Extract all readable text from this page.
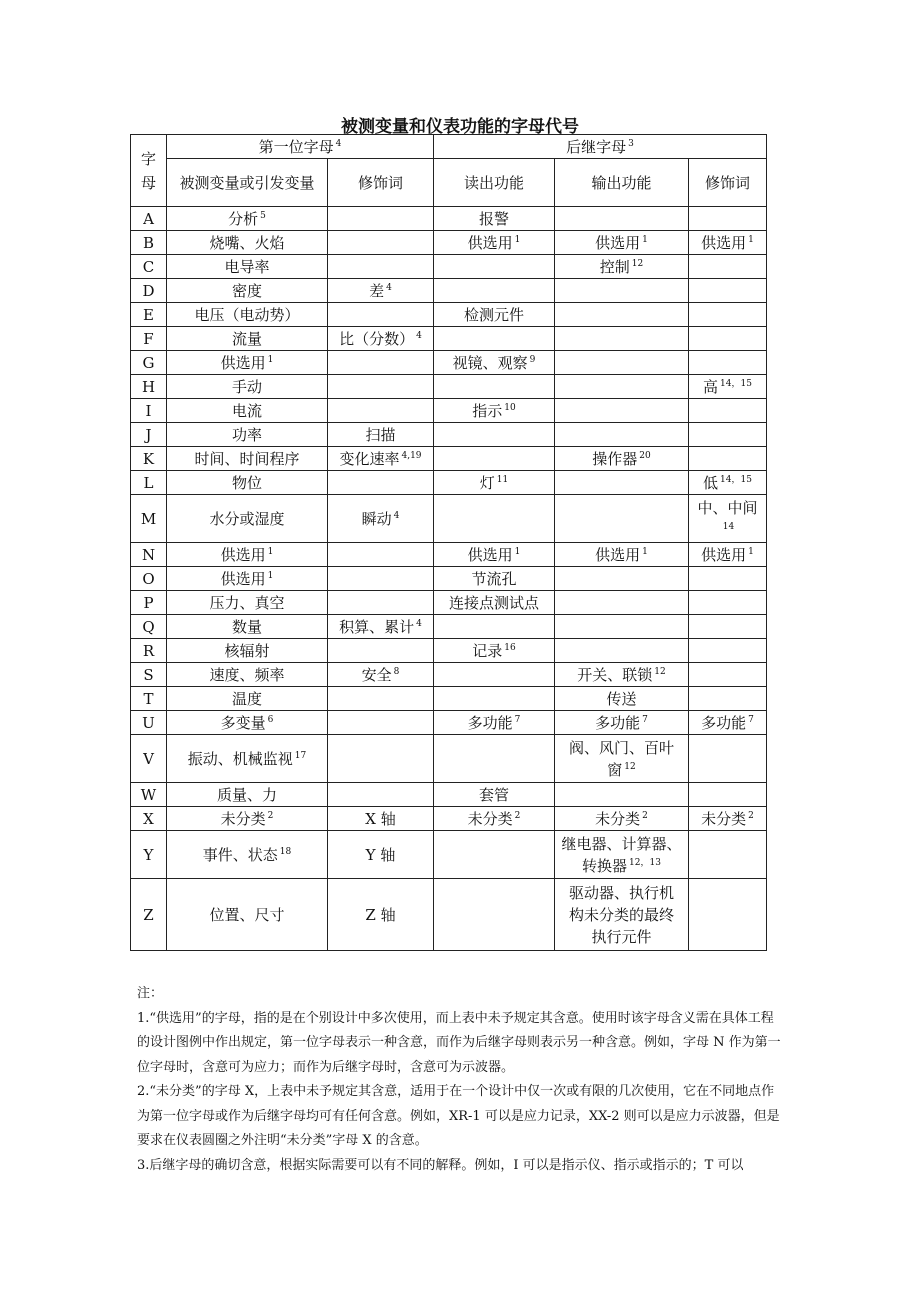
被测变量和仪表功能的字母代号
字母	第一位字母 $^4$		后继字母 $^3$
	被测变量或引发变量	修饰词	读出功能	输出功能	修饰词
A	分析 $^5$		报警		
B	烧嘴、火焰		供选用 $^1$	供选用 $^1$	供选用 $^1$
C	电导率			控制 $^{12}$	
D	密度	差 $^4$			
E	电压（电动势）		检测元件		
F	流量	比（分数） $^4$			
G	供选用 $^1$		视镜、观察 $^9$		
H	手动				高 $^{14,15}$
I	电流		指示 $^{10}$		
J	功率	扫描			
K	时间、时间程序	变化速率 $^{4,19}$		操作器 $^{20}$	
L	物位		灯 $^{11}$		低 $^{14,15}$
M	水分或湿度	瞬动 $^4$			中、中间$^{14}$
N	供选用 $^1$		供选用 $^1$	供选用 $^1$	供选用 $^1$
O	供选用 $^1$		节流孔		
P	压力、真空		连接点测试点		
Q	数量	积算、累计 $^4$			
R	核辐射		记录 $^{16}$		
S	速度、频率	安全 $^8$		开关、联锁 $^{12}$	
T	温度			传送	
U	多变量 $^6$		多功能 $^7$	多功能 $^7$	多功能 $^7$
V	振动、机械监视 $^{17}$			阀、风门、百叶窗 $^{12}$	
W	质量、力		套管		
X	未分类 $^2$	X 轴	未分类 $^2$	未分类 $^2$	未分类 $^2$
Y	事件、状态 $^{18}$	Y 轴		继电器、计算器、转换器 $^{12,13}$	
Z	位置、尺寸	Z 轴		驱动器、执行机构未分类的最终执行元件	

注：

1.“供选用”的字母，指的是在个别设计中多次使用，而上表中未予规定其含意。使用时该字母含义需在具体工程的设计图例中作出规定，第一位字母表示一种含意，而作为后继字母则表示另一种含意。例如，字母 N 作为第一位字母时，含意可为应力；而作为后继字母时，含意可为示波器。

2.“未分类”的字母 X，上表中未予规定其含意，适用于在一个设计中仅一次或有限的几次使用，它在不同地点作为第一位字母或作为后继字母均可有任何含意。例如，XR-1 可以是应力记录，XX-2 则可以是应力示波器，但是要求在仪表圆圈之外注明“未分类”字母 X 的含意。

3.后继字母的确切含意，根据实际需要可以有不同的解释。例如，I 可以是指示仪、指示或指示的；T 可以
